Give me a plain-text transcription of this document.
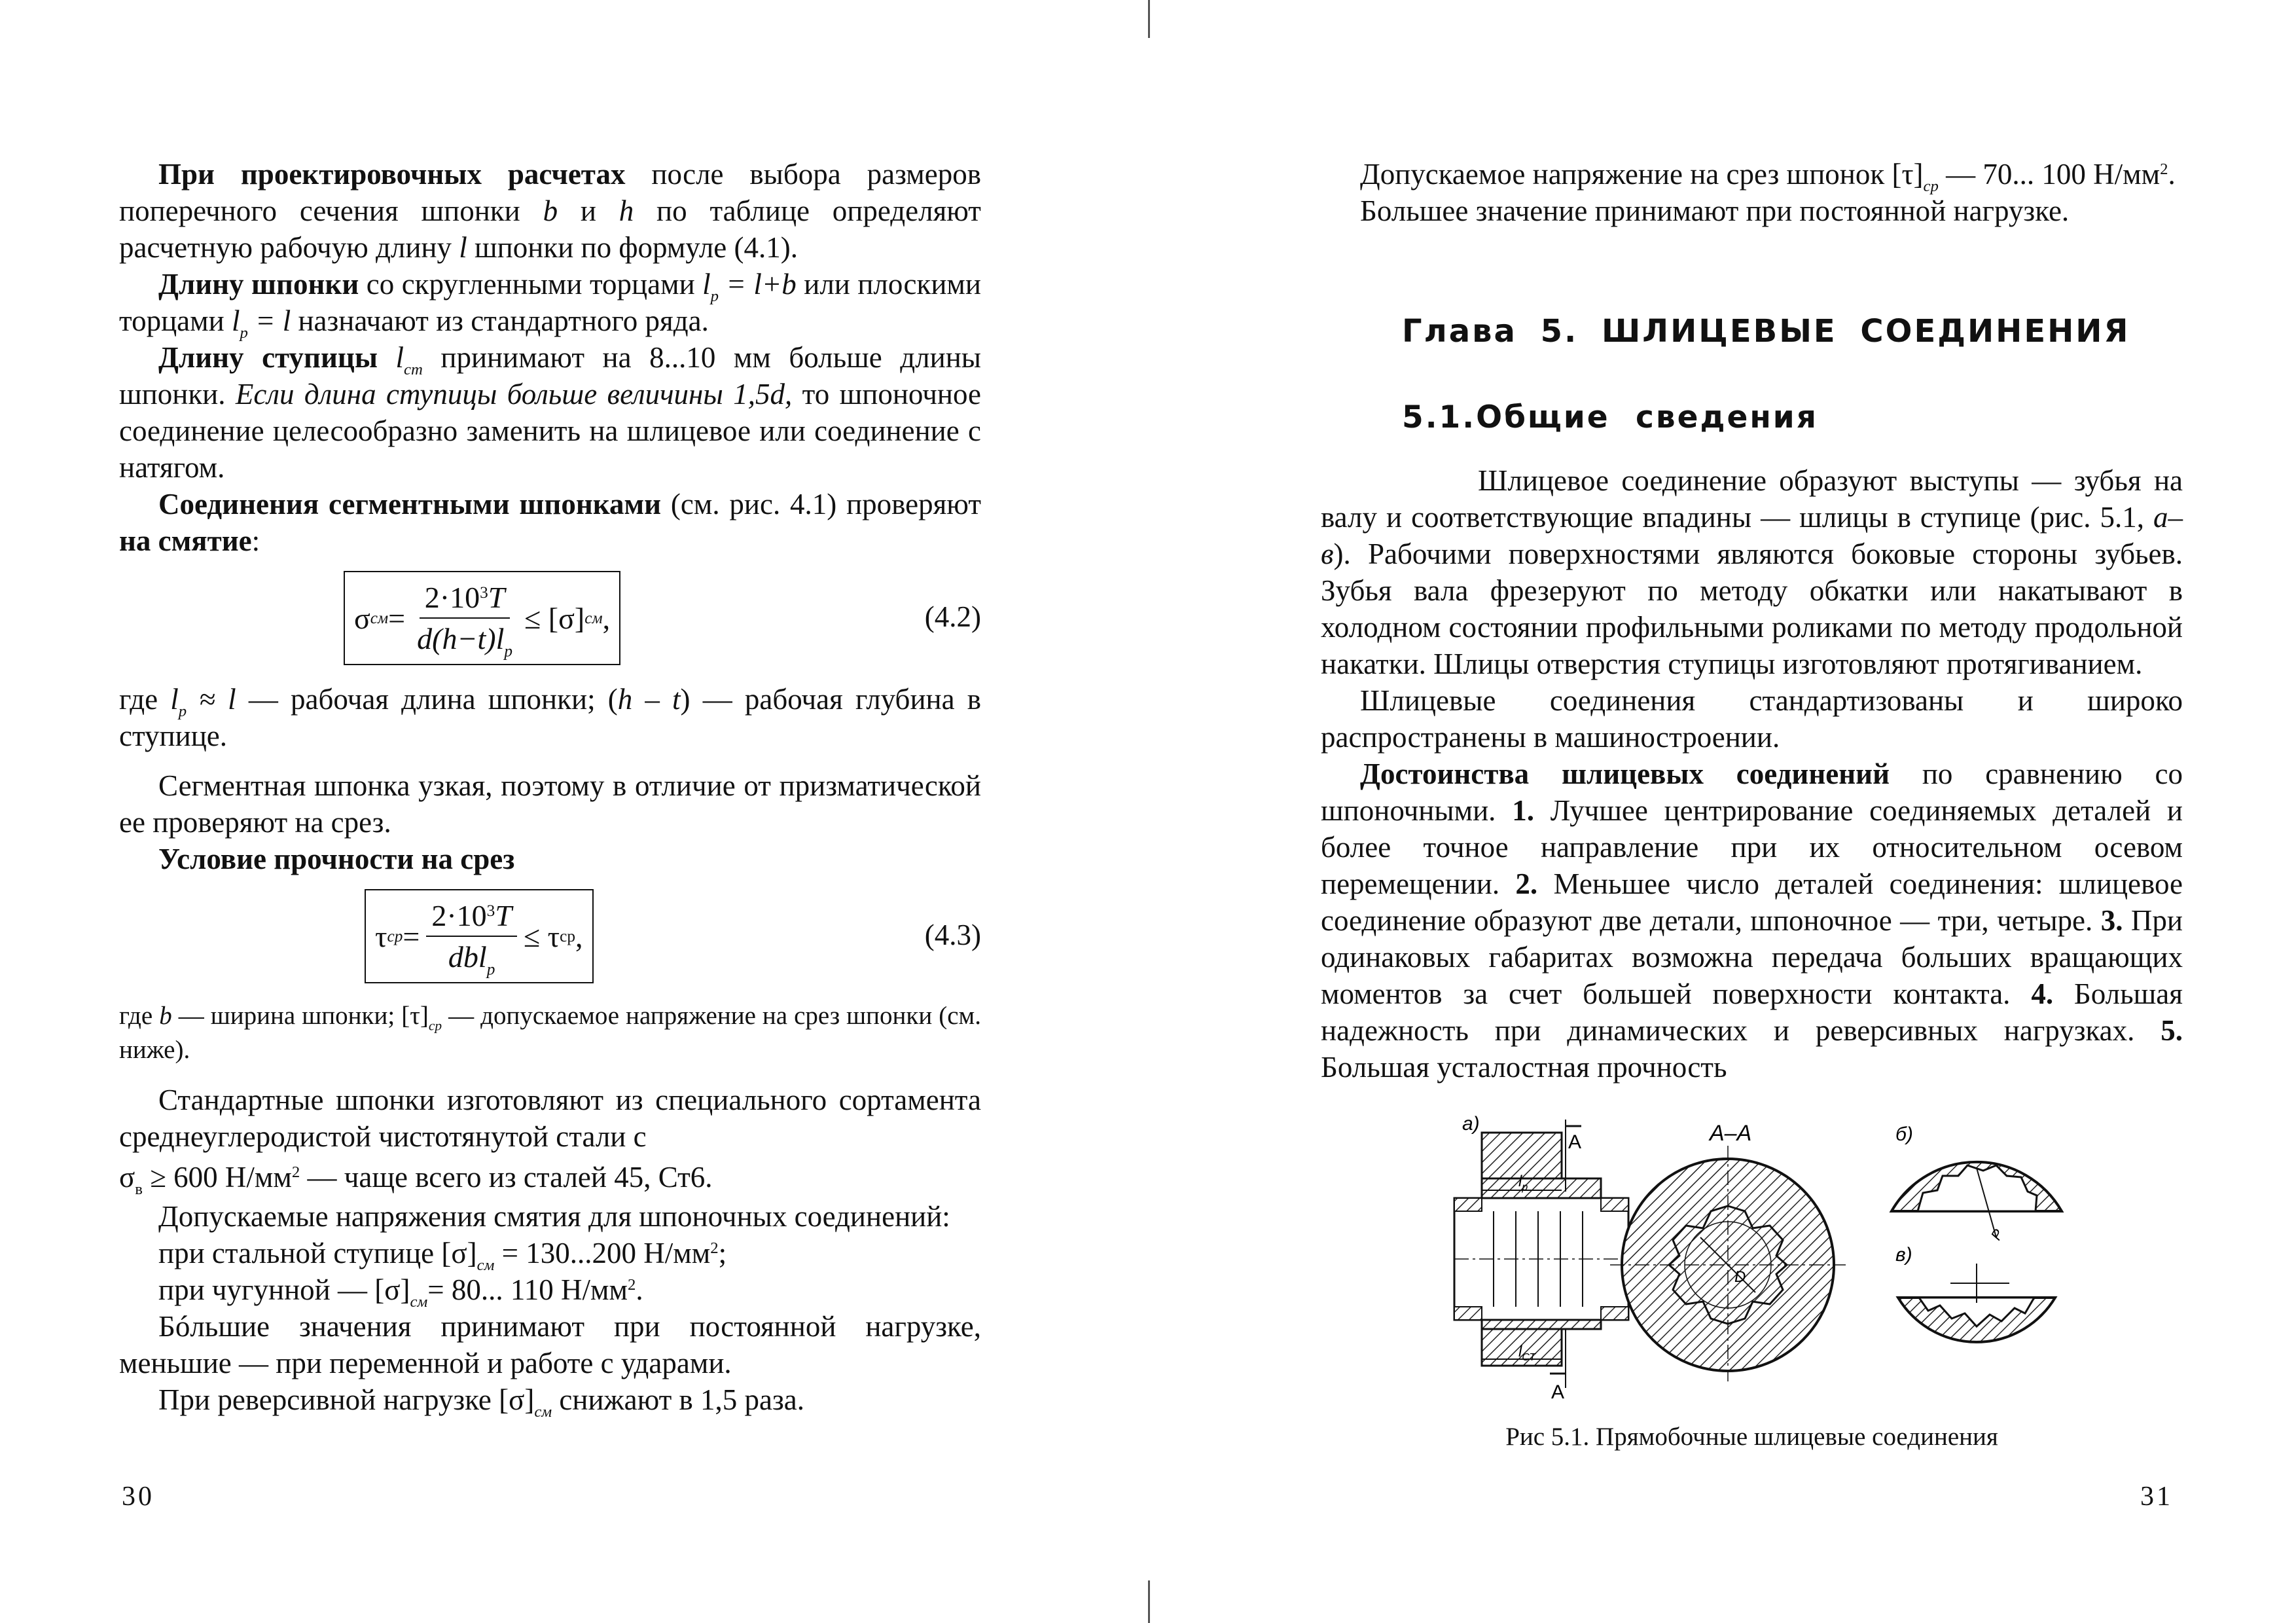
При проектировочных расчетах после выбора размеров поперечного сечения шпонки b и h по таблице определяют расчетную рабочую длину l шпонки по формуле (4.1).

Длину шпонки со скругленными торцами $l_p = l+b$ или плоскими торцами $l_p = l$ назначают из стандартного ряда.

Длину ступицы $l_{ст}$ принимают на 8...10 мм больше длины шпонки. Если длина ступицы больше величины 1,5d, то шпоночное соединение целесообразно заменить на шлицевое или соединение с натягом.

Соединения сегментными шпонками (см. рис. 4.1) проверяют на смятие:

σ см = $\frac{2\cdot 10^3T}{d(h-t)l_p} \le [\sigma]$ см ,	(4.2)

где $l_p \approx l$ — рабочая длина шпонки; (h – t) — рабочая глубина в ступице.

Сегментная шпонка узкая, поэтому в отличие от призматической ее проверяют на срез.

Условие прочности на срез

τ ср = $\frac{2\cdot 10^3T}{dbl_p} \le \tau$ ср ,	(4.3)

где b — ширина шпонки; $[\tau]_{ср}$ — допускаемое напряжение на срез шпонки (см. ниже).

Стандартные шпонки изготовляют из специального сортамента среднеуглеродистой чистотянутой стали с

$\sigma_в \ge 600$ $Н/мм^2$ — чаще всего из сталей 45, Ст6.

Допускаемые напряжения смятия для шпоночных соединений:

при стальной ступице $[\sigma]_{см} = 130...200$ $Н/мм^2$;

при чугунной — $[\sigma]_{см}= 80$... 110 $Н/мм^2$.

Бóльшие значения принимают при постоянной нагрузке, меньшие — при переменной и работе с ударами.

При реверсивной нагрузке $[\sigma]_{см}$ снижают в 1,5 раза.

30

Допускаемое напряжение на срез шпонок $[\tau]_{ср}$ — 70... 100 $Н/мм^2$.

Большее значение принимают при постоянной нагрузке.

Глава 5. ШЛИЦЕВЫЕ СОЕДИНЕНИЯ
5.1.Общие сведения

Шлицевое соединение образуют выступы — зубья на валу и соответствующие впадины — шлицы в ступице (рис. 5.1, а–в). Рабочими поверхностями являются боковые стороны зубьев. Зубья вала фрезеруют по методу обкатки или накатывают в холодном состоянии профильными роликами по методу продольной накатки. Шлицы отверстия ступицы изготовляют протягиванием.

Шлицевые соединения стандартизованы и широко распространены в машиностроении.

Достоинства шлицевых соединений по сравнению со шпоночными. 1. Лучшее центрирование соединяемых деталей и более точное направление при их относительном осевом перемещении. 2. Меньшее число деталей соединения: шлицевое соединение образуют две детали, шпоночное — три, четыре. 3. При одинаковых габаритах возможна передача больших вращающих моментов за счет большей поверхности контакта. 4. Большая надежность при динамических и реверсивных нагрузках. 5. Большая усталостная прочность

а)
А
$l_р$
$l_{СТ}$
А
А–А
D
б)
Р
в)
Рис 5.1. Прямобочные шлицевые соединения
31
